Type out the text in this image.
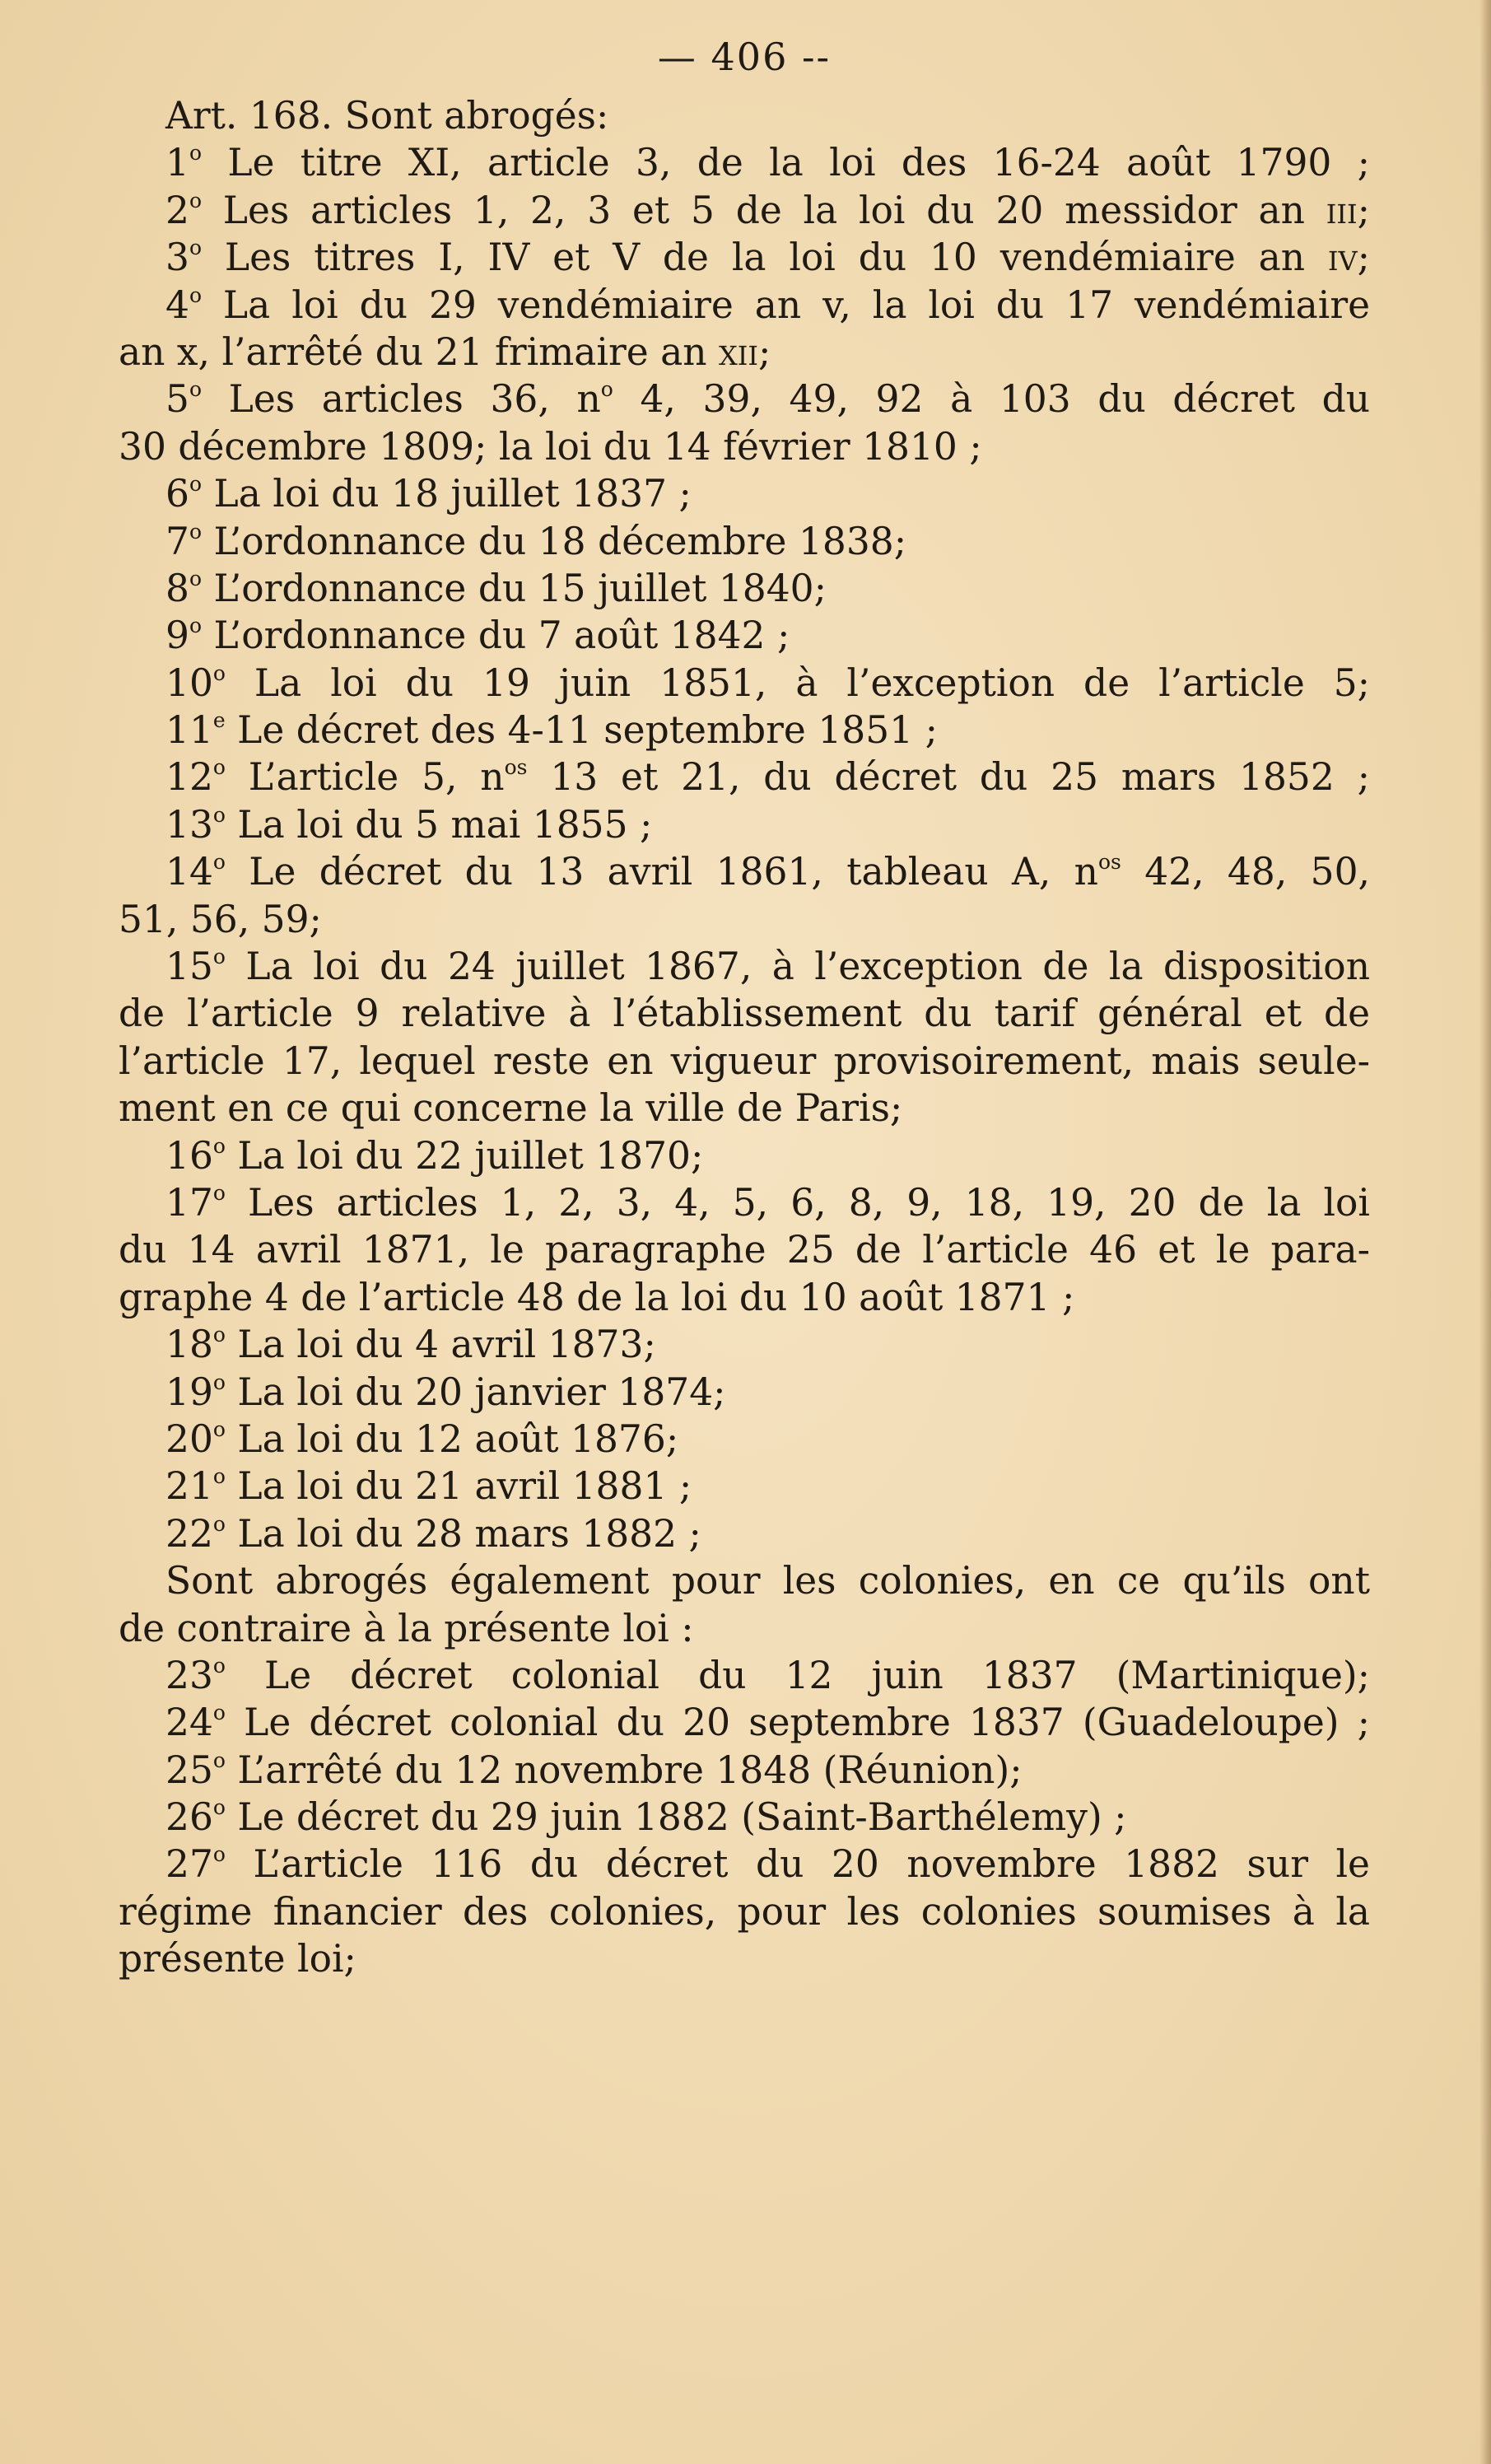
— 406 --
Art. 168. Sont abrogés:
1$^o$ Le titre XI, article 3, de la loi des 16-24 août 1790 ;
2$^o$ Les articles 1, 2, 3 et 5 de la loi du 20 messidor an iii;
3$^o$ Les titres I, IV et V de la loi du 10 vendémiaire an iv;
4$^o$ La loi du 29 vendémiaire an v, la loi du 17 vendémiaire
an x, l’arrêté du 21 frimaire an xii;
5$^o$ Les articles 36, $n^o$ 4, 39, 49, 92 à 103 du décret du
30 décembre 1809; la loi du 14 février 1810 ;
6$^o$ La loi du 18 juillet 1837 ;
7$^o$ L’ordonnance du 18 décembre 1838;
8$^o$ L’ordonnance du 15 juillet 1840;
9$^o$ L’ordonnance du 7 août 1842 ;
10$^o$ La loi du 19 juin 1851, à l’exception de l’article 5;
11e Le décret des 4-11 septembre 1851 ;
12$^o$ L’article 5, $n^{os}$ 13 et 21, du décret du 25 mars 1852 ;
13$^o$ La loi du 5 mai 1855 ;
14$^o$ Le décret du 13 avril 1861, tableau A, $n^{os}$ 42, 48, 50,
51, 56, 59;
15$^o$ La loi du 24 juillet 1867, à l’exception de la disposition
de l’article 9 relative à l’établissement du tarif général et de
l’article 17, lequel reste en vigueur provisoirement, mais seule-
ment en ce qui concerne la ville de Paris;
16$^o$ La loi du 22 juillet 1870;
17$^o$ Les articles 1, 2, 3, 4, 5, 6, 8, 9, 18, 19, 20 de la loi
du 14 avril 1871, le paragraphe 25 de l’article 46 et le para-
graphe 4 de l’article 48 de la loi du 10 août 1871 ;
18$^o$ La loi du 4 avril 1873;
19$^o$ La loi du 20 janvier 1874;
20$^o$ La loi du 12 août 1876;
21$^o$ La loi du 21 avril 1881 ;
22$^o$ La loi du 28 mars 1882 ;
Sont abrogés également pour les colonies, en ce qu’ils ont
de contraire à la présente loi :
23$^o$ Le décret colonial du 12 juin 1837 (Martinique);
24$^o$ Le décret colonial du 20 septembre 1837 (Guadeloupe) ;
25$^o$ L’arrêté du 12 novembre 1848 (Réunion);
26$^o$ Le décret du 29 juin 1882 (Saint-Barthélemy) ;
27$^o$ L’article 116 du décret du 20 novembre 1882 sur le
régime financier des colonies, pour les colonies soumises à la
présente loi;
